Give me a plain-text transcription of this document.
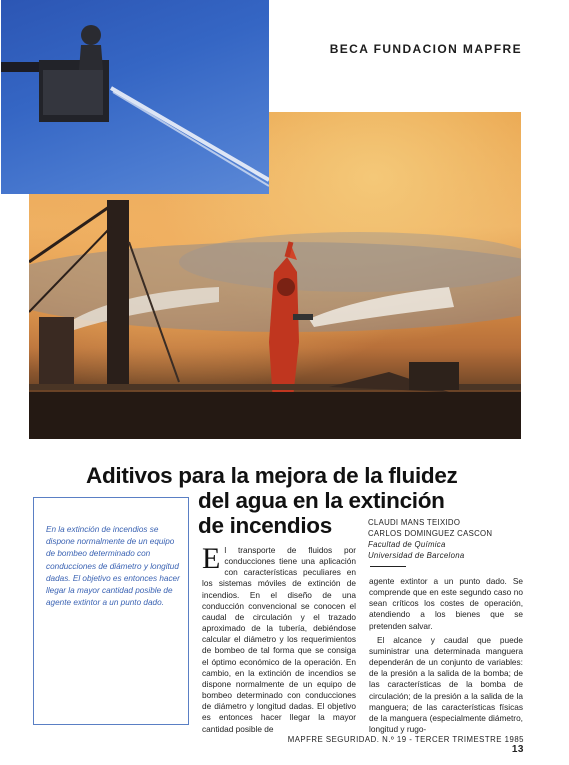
BECA FUNDACION MAPFRE
Aditivos para la mejora de la fluidez
del agua en la extinción
de incendios

En la extinción de incendios se dispone normalmente de un equipo de bombeo determinado con conducciones de diámetro y longitud dadas. El objetivo es entonces hacer llegar la mayor cantidad posible de agente extintor a un punto dado.

CLAUDI MANS TEIXIDO
CARLOS DOMINGUEZ CASCON
Facultad de Química
Universidad de Barcelona
E l transporte de fluidos por conducciones tiene una aplicación con características peculiares en los sistemas móviles de extinción de incendios. En el diseño de una conducción convencional se conocen el caudal de circulación y el trazado aproximado de la tubería, debiéndose calcular el diámetro y los requerimientos de bombeo de tal forma que se consiga el óptimo económico de la operación. En cambio, en la extinción de incendios se dispone normalmente de un equipo de bombeo determinado con conducciones de diámetro y longitud dadas. El objetivo es entonces hacer llegar la mayor cantidad posible de

agente extintor a un punto dado. Se comprende que en este segundo caso no sean críticos los costes de operación, atendiendo a los bienes que se pretenden salvar.

El alcance y caudal que puede suministrar una determinada manguera dependerán de un conjunto de variables: de la presión a la salida de la bomba; de las características de la bomba de circulación; de la presión a la salida de la manguera; de las características físicas de la manguera (especialmente diámetro, longitud y rugo-

MAPFRE SEGURIDAD. N.º 19 - TERCER TRIMESTRE 1985 13
